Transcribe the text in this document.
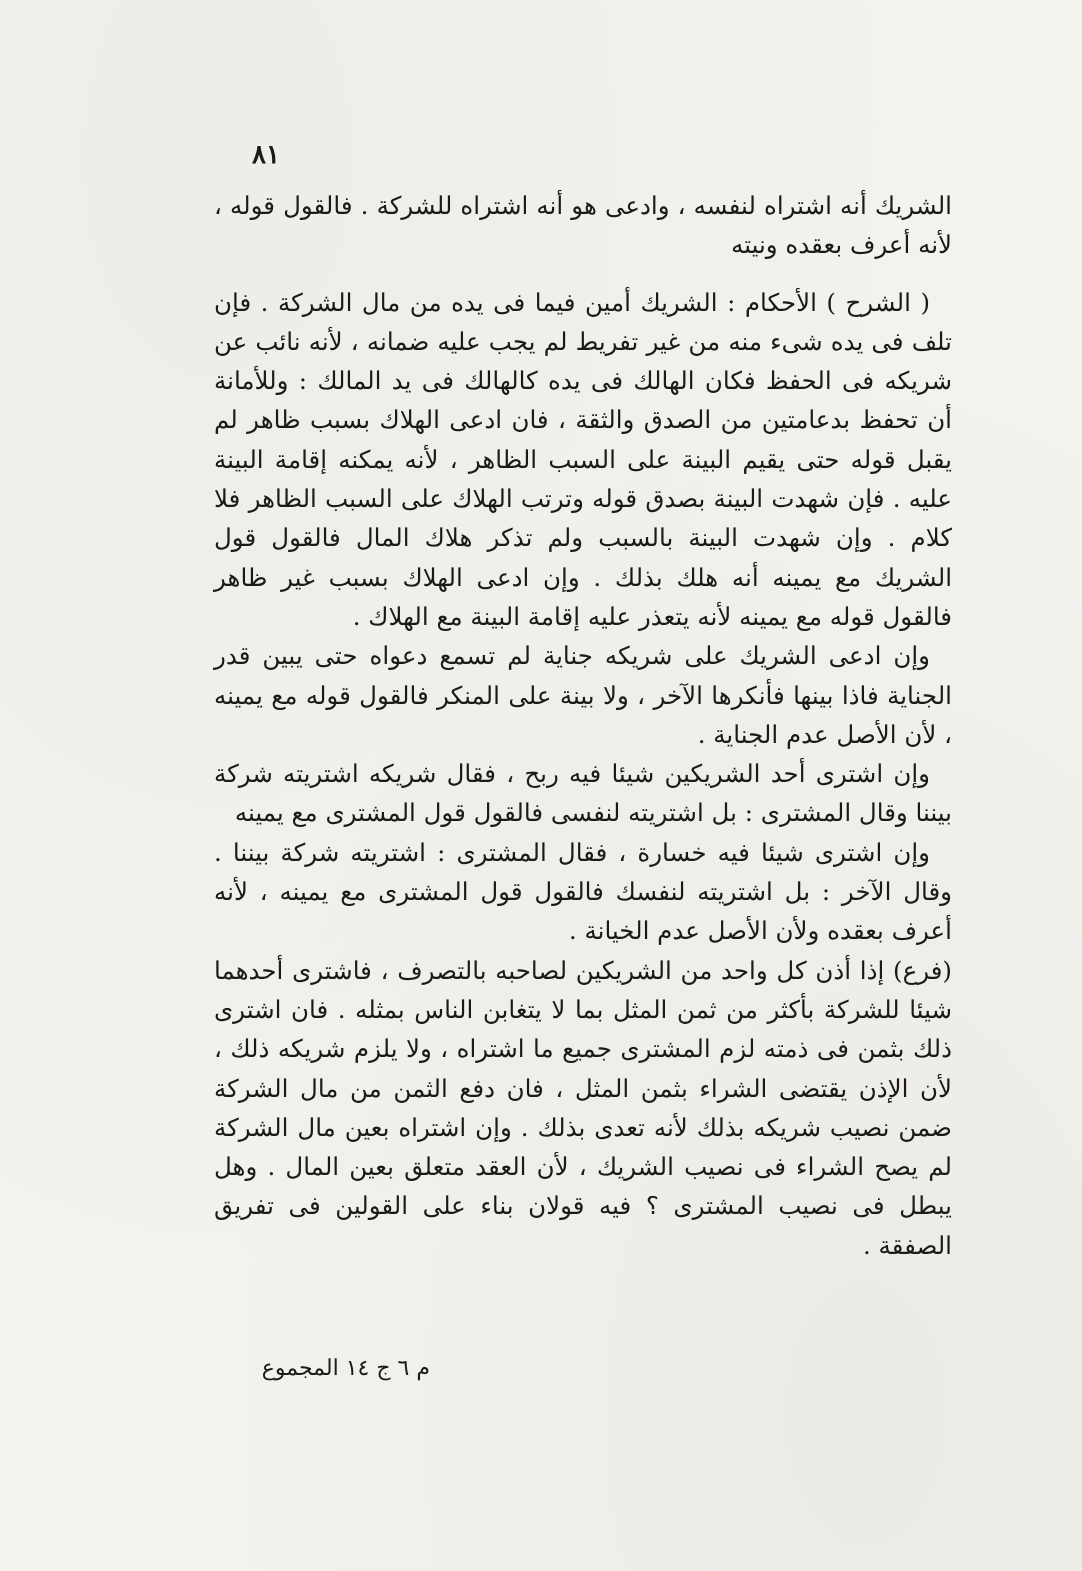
٨١

الشريك أنه اشتراه لنفسه ، وادعى هو أنه اشتراه للشركة . فالقول قوله ، لأنه أعرف بعقده ونيته

( الشرح ) الأحكام : الشريك أمين فيما فى يده من مال الشركة . فإن تلف فى يده شىء منه من غير تفريط لم يجب عليه ضمانه ، لأنه نائب عن شريكه فى الحفظ فكان الهالك فى يده كالهالك فى يد المالك : وللأمانة أن تحفظ بدعامتين من الصدق والثقة ، فان ادعى الهلاك بسبب ظاهر لم يقبل قوله حتى يقيم البينة على السبب الظاهر ، لأنه يمكنه إقامة البينة عليه . فإن شهدت البينة بصدق قوله وترتب الهلاك على السبب الظاهر فلا كلام . وإن شهدت البينة بالسبب ولم تذكر هلاك المال فالقول قول الشريك مع يمينه أنه هلك بذلك . وإن ادعى الهلاك بسبب غير ظاهر فالقول قوله مع يمينه لأنه يتعذر عليه إقامة البينة مع الهلاك .

وإن ادعى الشريك على شريكه جناية لم تسمع دعواه حتى يبين قدر الجناية فاذا بينها فأنكرها الآخر ، ولا بينة على المنكر فالقول قوله مع يمينه ، لأن الأصل عدم الجناية .

وإن اشترى أحد الشريكين شيئا فيه ربح ، فقال شريكه اشتريته شركة بيننا وقال المشترى : بل اشتريته لنفسى فالقول قول المشترى مع يمينه

وإن اشترى شيئا فيه خسارة ، فقال المشترى : اشتريته شركة بيننا . وقال الآخر : بل اشتريته لنفسك فالقول قول المشترى مع يمينه ، لأنه أعرف بعقده ولأن الأصل عدم الخيانة .

(فرع) إذا أذن كل واحد من الشريكين لصاحبه بالتصرف ، فاشترى أحدهما شيئا للشركة بأكثر من ثمن المثل بما لا يتغابن الناس بمثله . فان اشترى ذلك بثمن فى ذمته لزم المشترى جميع ما اشتراه ، ولا يلزم شريكه ذلك ، لأن الإذن يقتضى الشراء بثمن المثل ، فان دفع الثمن من مال الشركة ضمن نصيب شريكه بذلك لأنه تعدى بذلك . وإن اشتراه بعين مال الشركة لم يصح الشراء فى نصيب الشريك ، لأن العقد متعلق بعين المال . وهل يبطل فى نصيب المشترى ؟ فيه قولان بناء على القولين فى تفريق الصفقة .

م ٦ ج ١٤ المجموع
